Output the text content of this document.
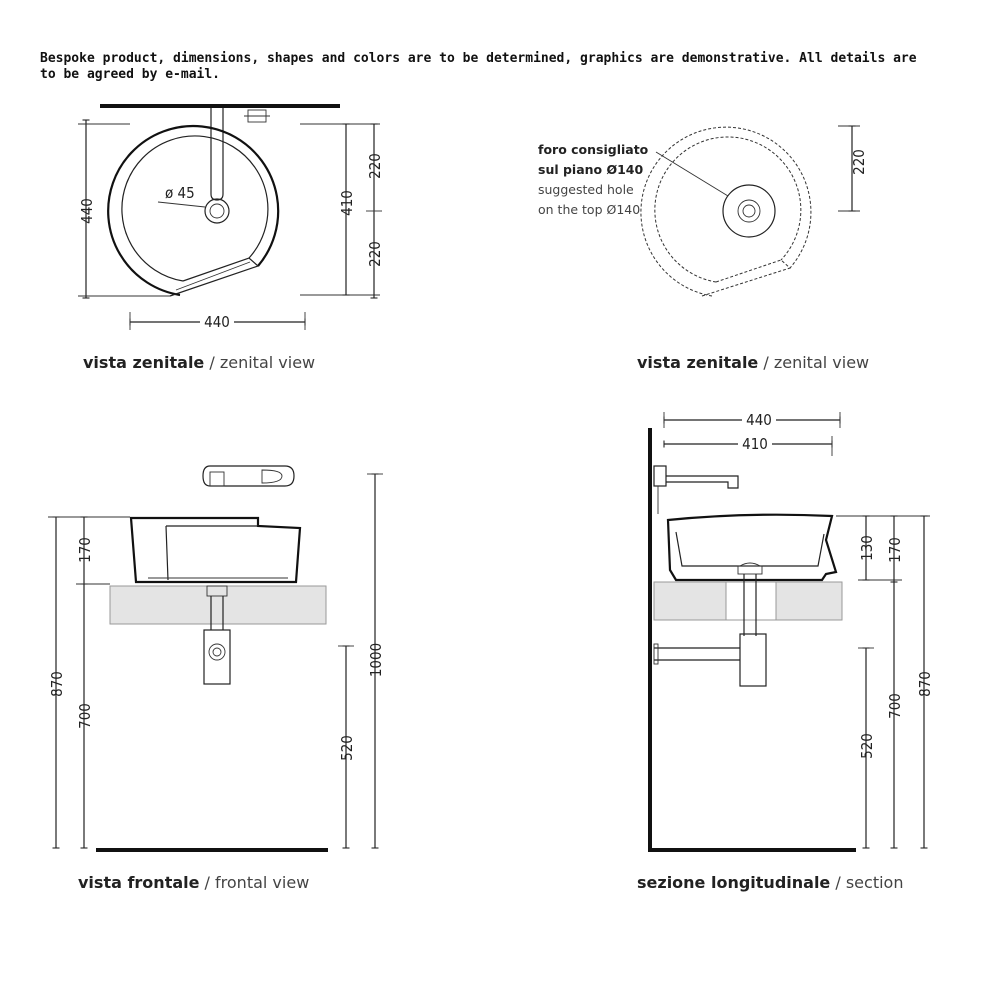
Bespoke product, dimensions, shapes and colors are to be determined, graphics are demonstrative. All details are to be agreed by e-mail.
ø 45
440	410
220
220
440
vista zenitale / zenital view
foro consigliato
sul piano Ø140
suggested hole
on the top Ø140
220
vista zenitale / zenital view
870
170
700
520
1000
vista frontale / frontal view
440
410
130 170
700
520
870
sezione longitudinale / section
